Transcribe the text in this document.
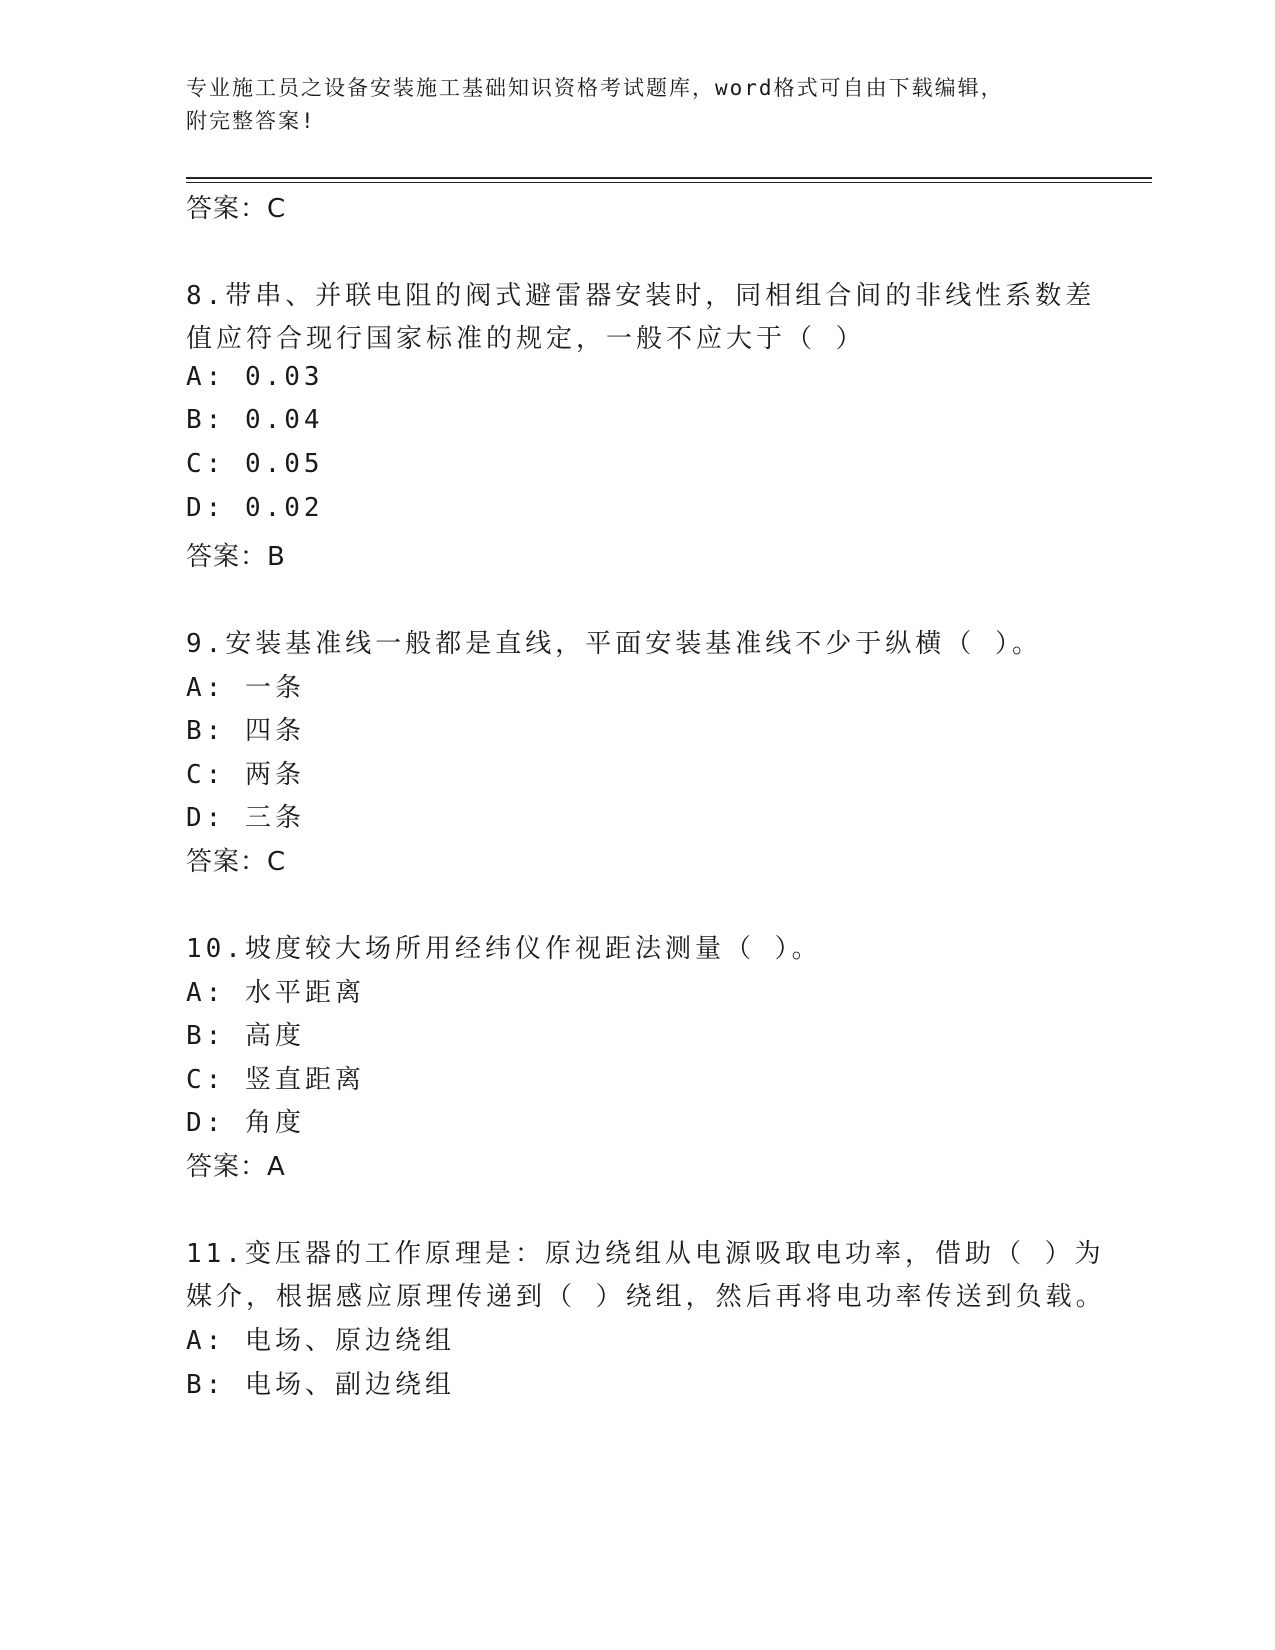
专业施工员之设备安装施工基础知识资格考试题库，word格式可自由下载编辑，
附完整答案!
答案：C
8.带串、并联电阻的阀式避雷器安装时，同相组合间的非线性系数差
值应符合现行国家标准的规定，一般不应大于（ ）
A: 0.03
B: 0.04
C: 0.05
D: 0.02
答案：B
9.安装基准线一般都是直线，平面安装基准线不少于纵横（ ）。
A: 一条
B: 四条
C: 两条
D: 三条
答案：C
10.坡度较大场所用经纬仪作视距法测量（ ）。
A: 水平距离
B: 高度
C: 竖直距离
D: 角度
答案：A
11.变压器的工作原理是：原边绕组从电源吸取电功率，借助（ ）为
媒介，根据感应原理传递到（ ）绕组，然后再将电功率传送到负载。
A: 电场、原边绕组
B: 电场、副边绕组
